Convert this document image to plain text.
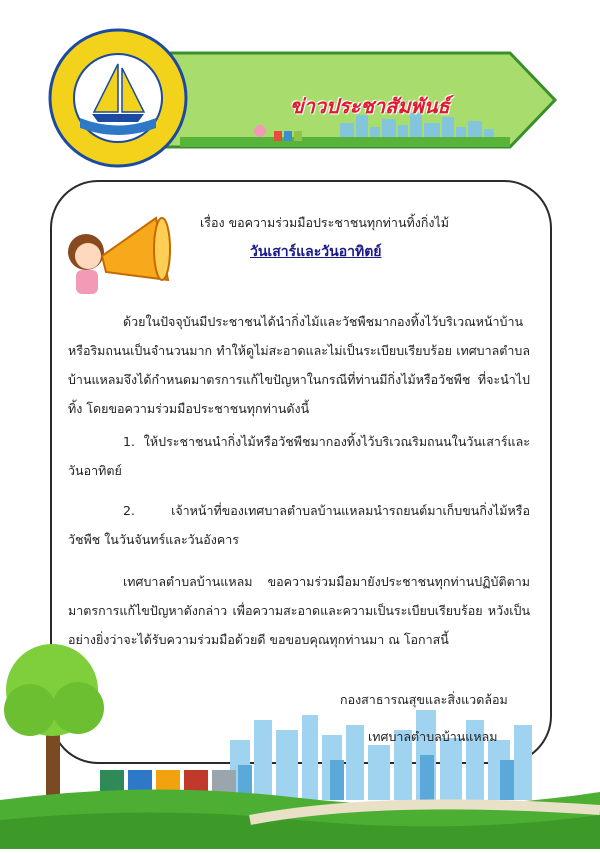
ข่าวประชาสัมพันธ์
เรื่อง ขอความร่วมมือประชาชนทุกท่านทิ้งกิ่งไม้
วันเสาร์และวันอาทิตย์
ด้วยในปัจจุบันมีประชาชนได้นำกิ่งไม้และวัชพืชมากองทิ้งไว้บริเวณหน้าบ้าน หรือริมถนนเป็นจำนวนมาก ทำให้ดูไม่สะอาดและไม่เป็นระเบียบเรียบร้อย เทศบาลตำบลบ้านแหลมจึงได้กำหนดมาตรการแก้ไขปัญหาในกรณีที่ท่านมีกิ่งไม้หรือวัชพืช ที่จะนำไปทิ้ง โดยขอความร่วมมือประชาชนทุกท่านดังนี้
1. ให้ประชาชนนำกิ่งไม้หรือวัชพืชมากองทิ้งไว้บริเวณริมถนนในวันเสาร์และ วันอาทิตย์
2. เจ้าหน้าที่ของเทศบาลตำบลบ้านแหลมนำรถยนต์มาเก็บขนกิ่งไม้หรือวัชพืช ในวันจันทร์และวันอังคาร
เทศบาลตำบลบ้านแหลม ขอความร่วมมือมายังประชาชนทุกท่านปฏิบัติตาม มาตรการแก้ไขปัญหาดังกล่าว เพื่อความสะอาดและความเป็นระเบียบเรียบร้อย หวังเป็นอย่างยิ่งว่าจะได้รับความร่วมมือด้วยดี ขอขอบคุณทุกท่านมา ณ โอกาสนี้
กองสาธารณสุขและสิ่งแวดล้อม
เทศบาลตำบลบ้านแหลม
